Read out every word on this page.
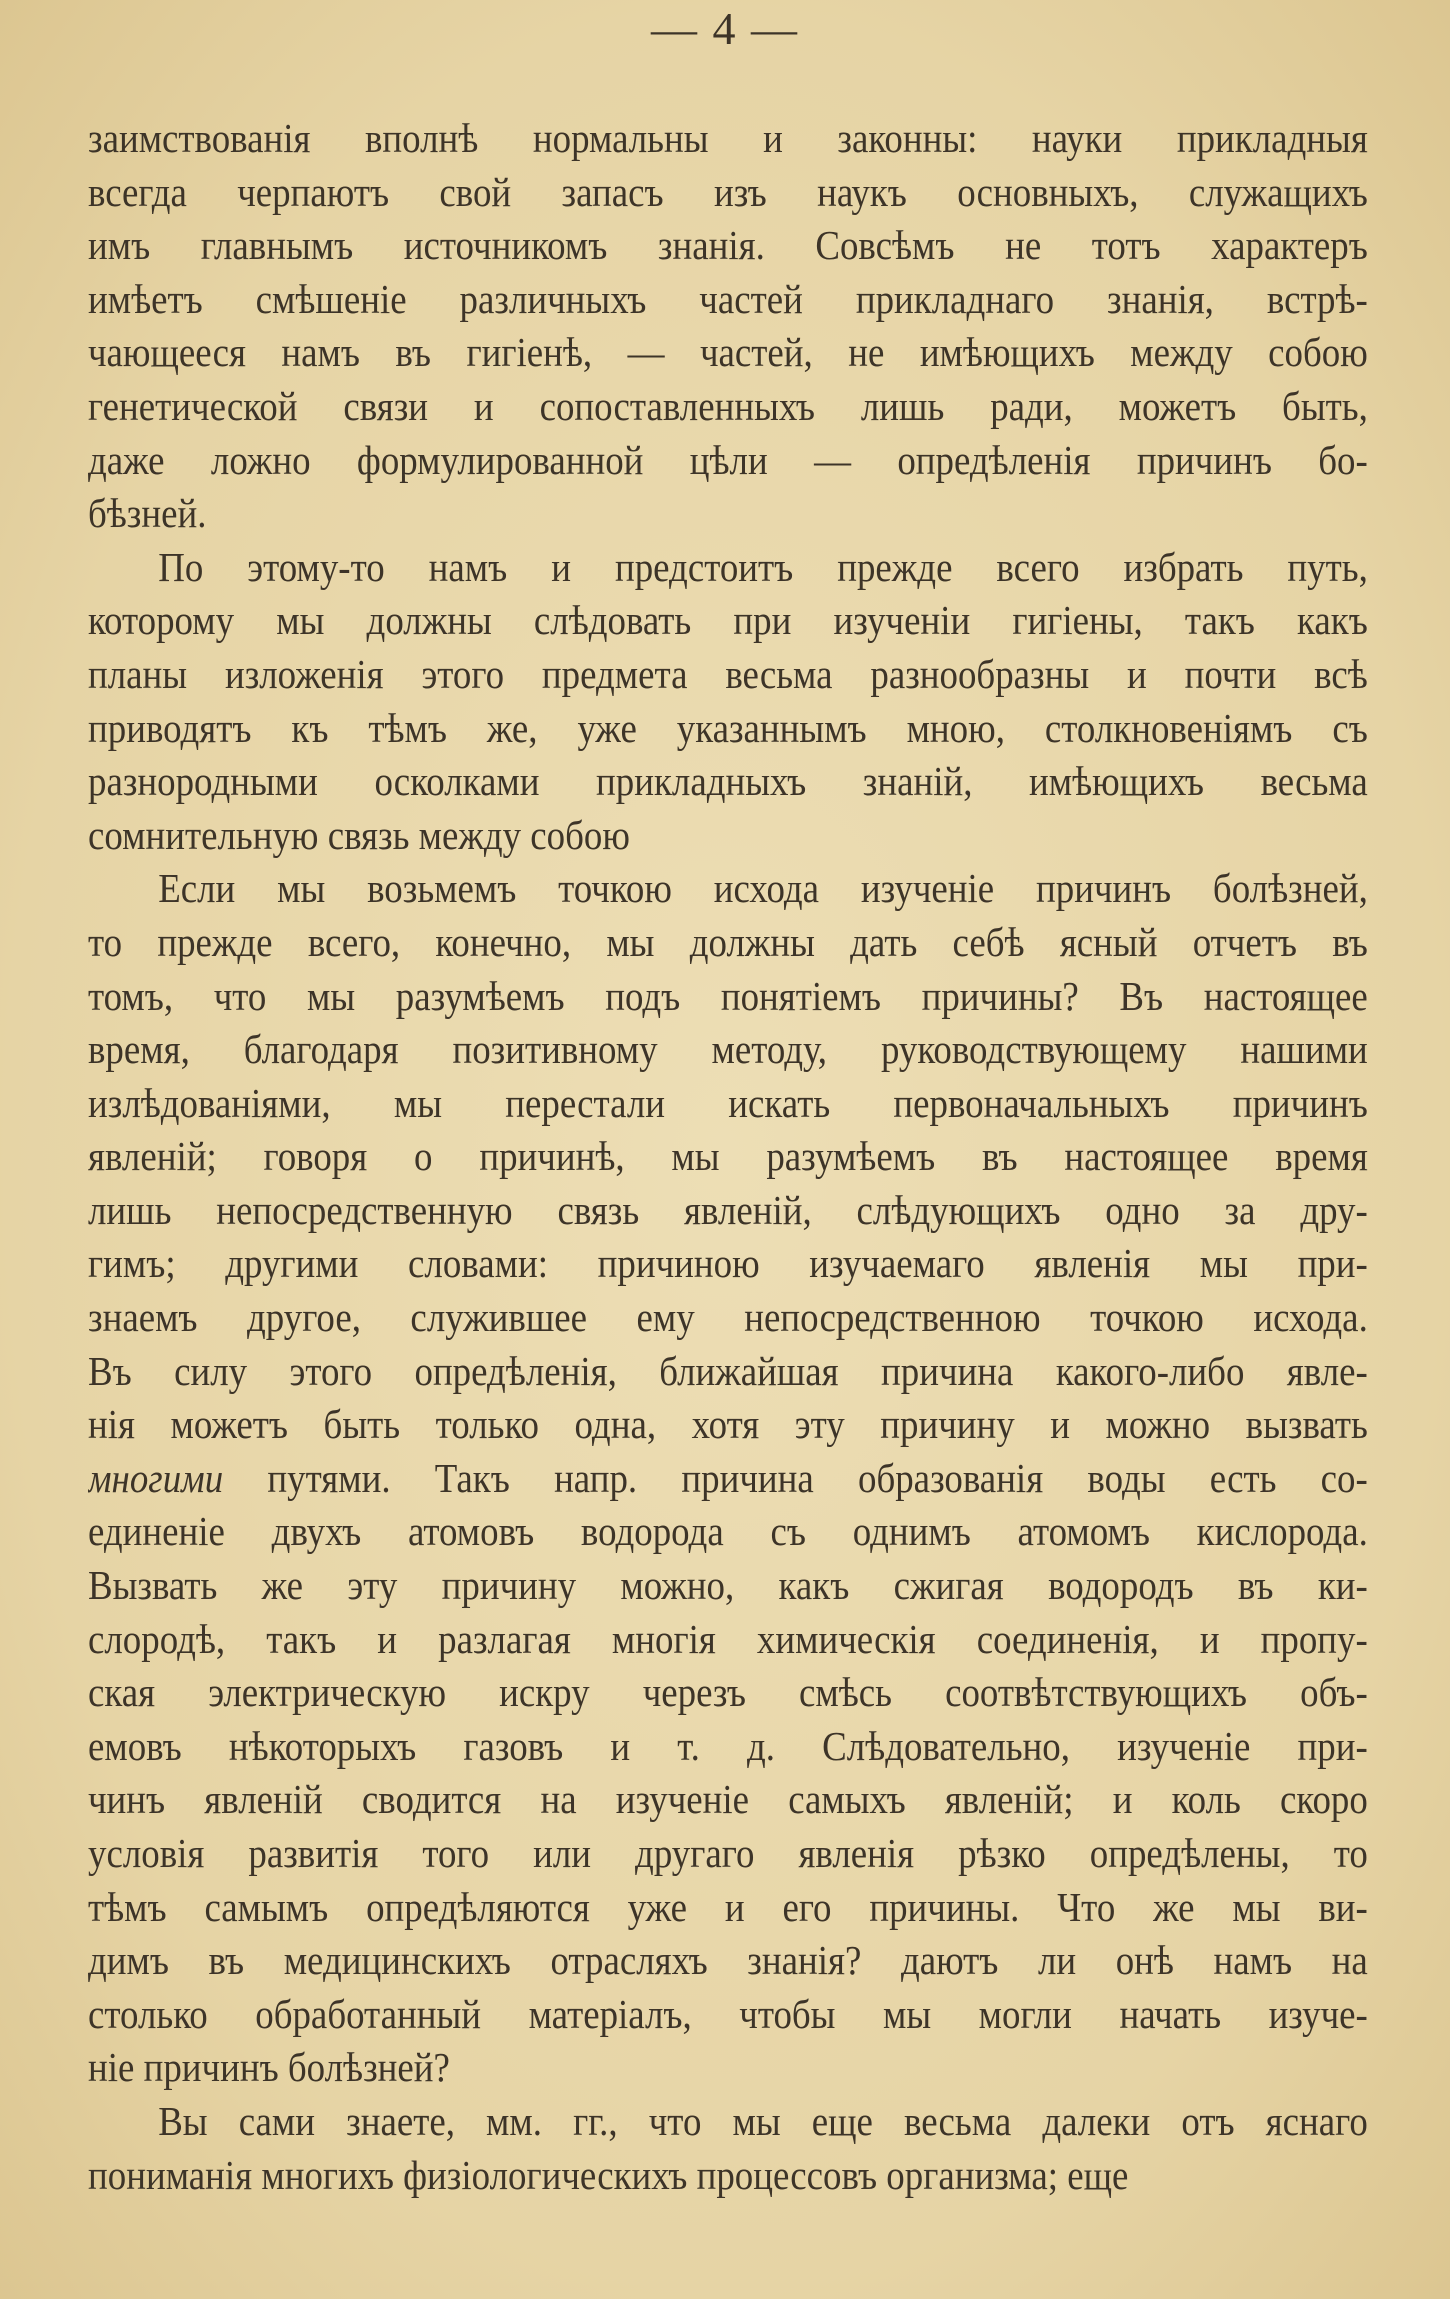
— 4 —
заимствованія вполнѣ нормальны и законны: науки прикладныя
всегда черпаютъ свой запасъ изъ наукъ основныхъ, служащихъ
имъ главнымъ источникомъ знанія. Совсѣмъ не тотъ характеръ
имѣетъ смѣшеніе различныхъ частей прикладнаго знанія, встрѣ-
чающееся намъ въ гигіенѣ, — частей, не имѣющихъ между собою
генетической связи и сопоставленныхъ лишь ради, можетъ быть,
даже ложно формулированной цѣли — опредѣленія причинъ бо-
бѣзней.
По этому-то намъ и предстоитъ прежде всего избрать путь,
которому мы должны слѣдовать при изученіи гигіены, такъ какъ
планы изложенія этого предмета весьма разнообразны и почти всѣ
приводятъ къ тѣмъ же, уже указаннымъ мною, столкновеніямъ съ
разнородными осколками прикладныхъ знаній, имѣющихъ весьма
сомнительную связь между собою
Если мы возьмемъ точкою исхода изученіе причинъ болѣзней,
то прежде всего, конечно, мы должны дать себѣ ясный отчетъ въ
томъ, что мы разумѣемъ подъ понятіемъ причины? Въ настоящее
время, благодаря позитивному методу, руководствующему нашими
излѣдованіями, мы перестали искать первоначальныхъ причинъ
явленій; говоря о причинѣ, мы разумѣемъ въ настоящее время
лишь непосредственную связь явленій, слѣдующихъ одно за дру-
гимъ; другими словами: причиною изучаемаго явленія мы при-
знаемъ другое, служившее ему непосредственною точкою исхода.
Въ силу этого опредѣленія, ближайшая причина какого-либо явле-
нія можетъ быть только одна, хотя эту причину и можно вызвать
многими путями. Такъ напр. причина образованія воды есть со-
единеніе двухъ атомовъ водорода съ однимъ атомомъ кислорода.
Вызвать же эту причину можно, какъ сжигая водородъ въ ки-
слородѣ, такъ и разлагая многія химическія соединенія, и пропу-
ская электрическую искру черезъ смѣсь соотвѣтствующихъ объ-
емовъ нѣкоторыхъ газовъ и т. д. Слѣдовательно, изученіе при-
чинъ явленій сводится на изученіе самыхъ явленій; и коль скоро
условія развитія того или другаго явленія рѣзко опредѣлены, то
тѣмъ самымъ опредѣляются уже и его причины. Что же мы ви-
димъ въ медицинскихъ отрасляхъ знанія? даютъ ли онѣ намъ на
столько обработанный матеріалъ, чтобы мы могли начать изуче-
ніе причинъ болѣзней?
Вы сами знаете, мм. гг., что мы еще весьма далеки отъ яснаго
пониманія многихъ физіологическихъ процессовъ организма; еще
